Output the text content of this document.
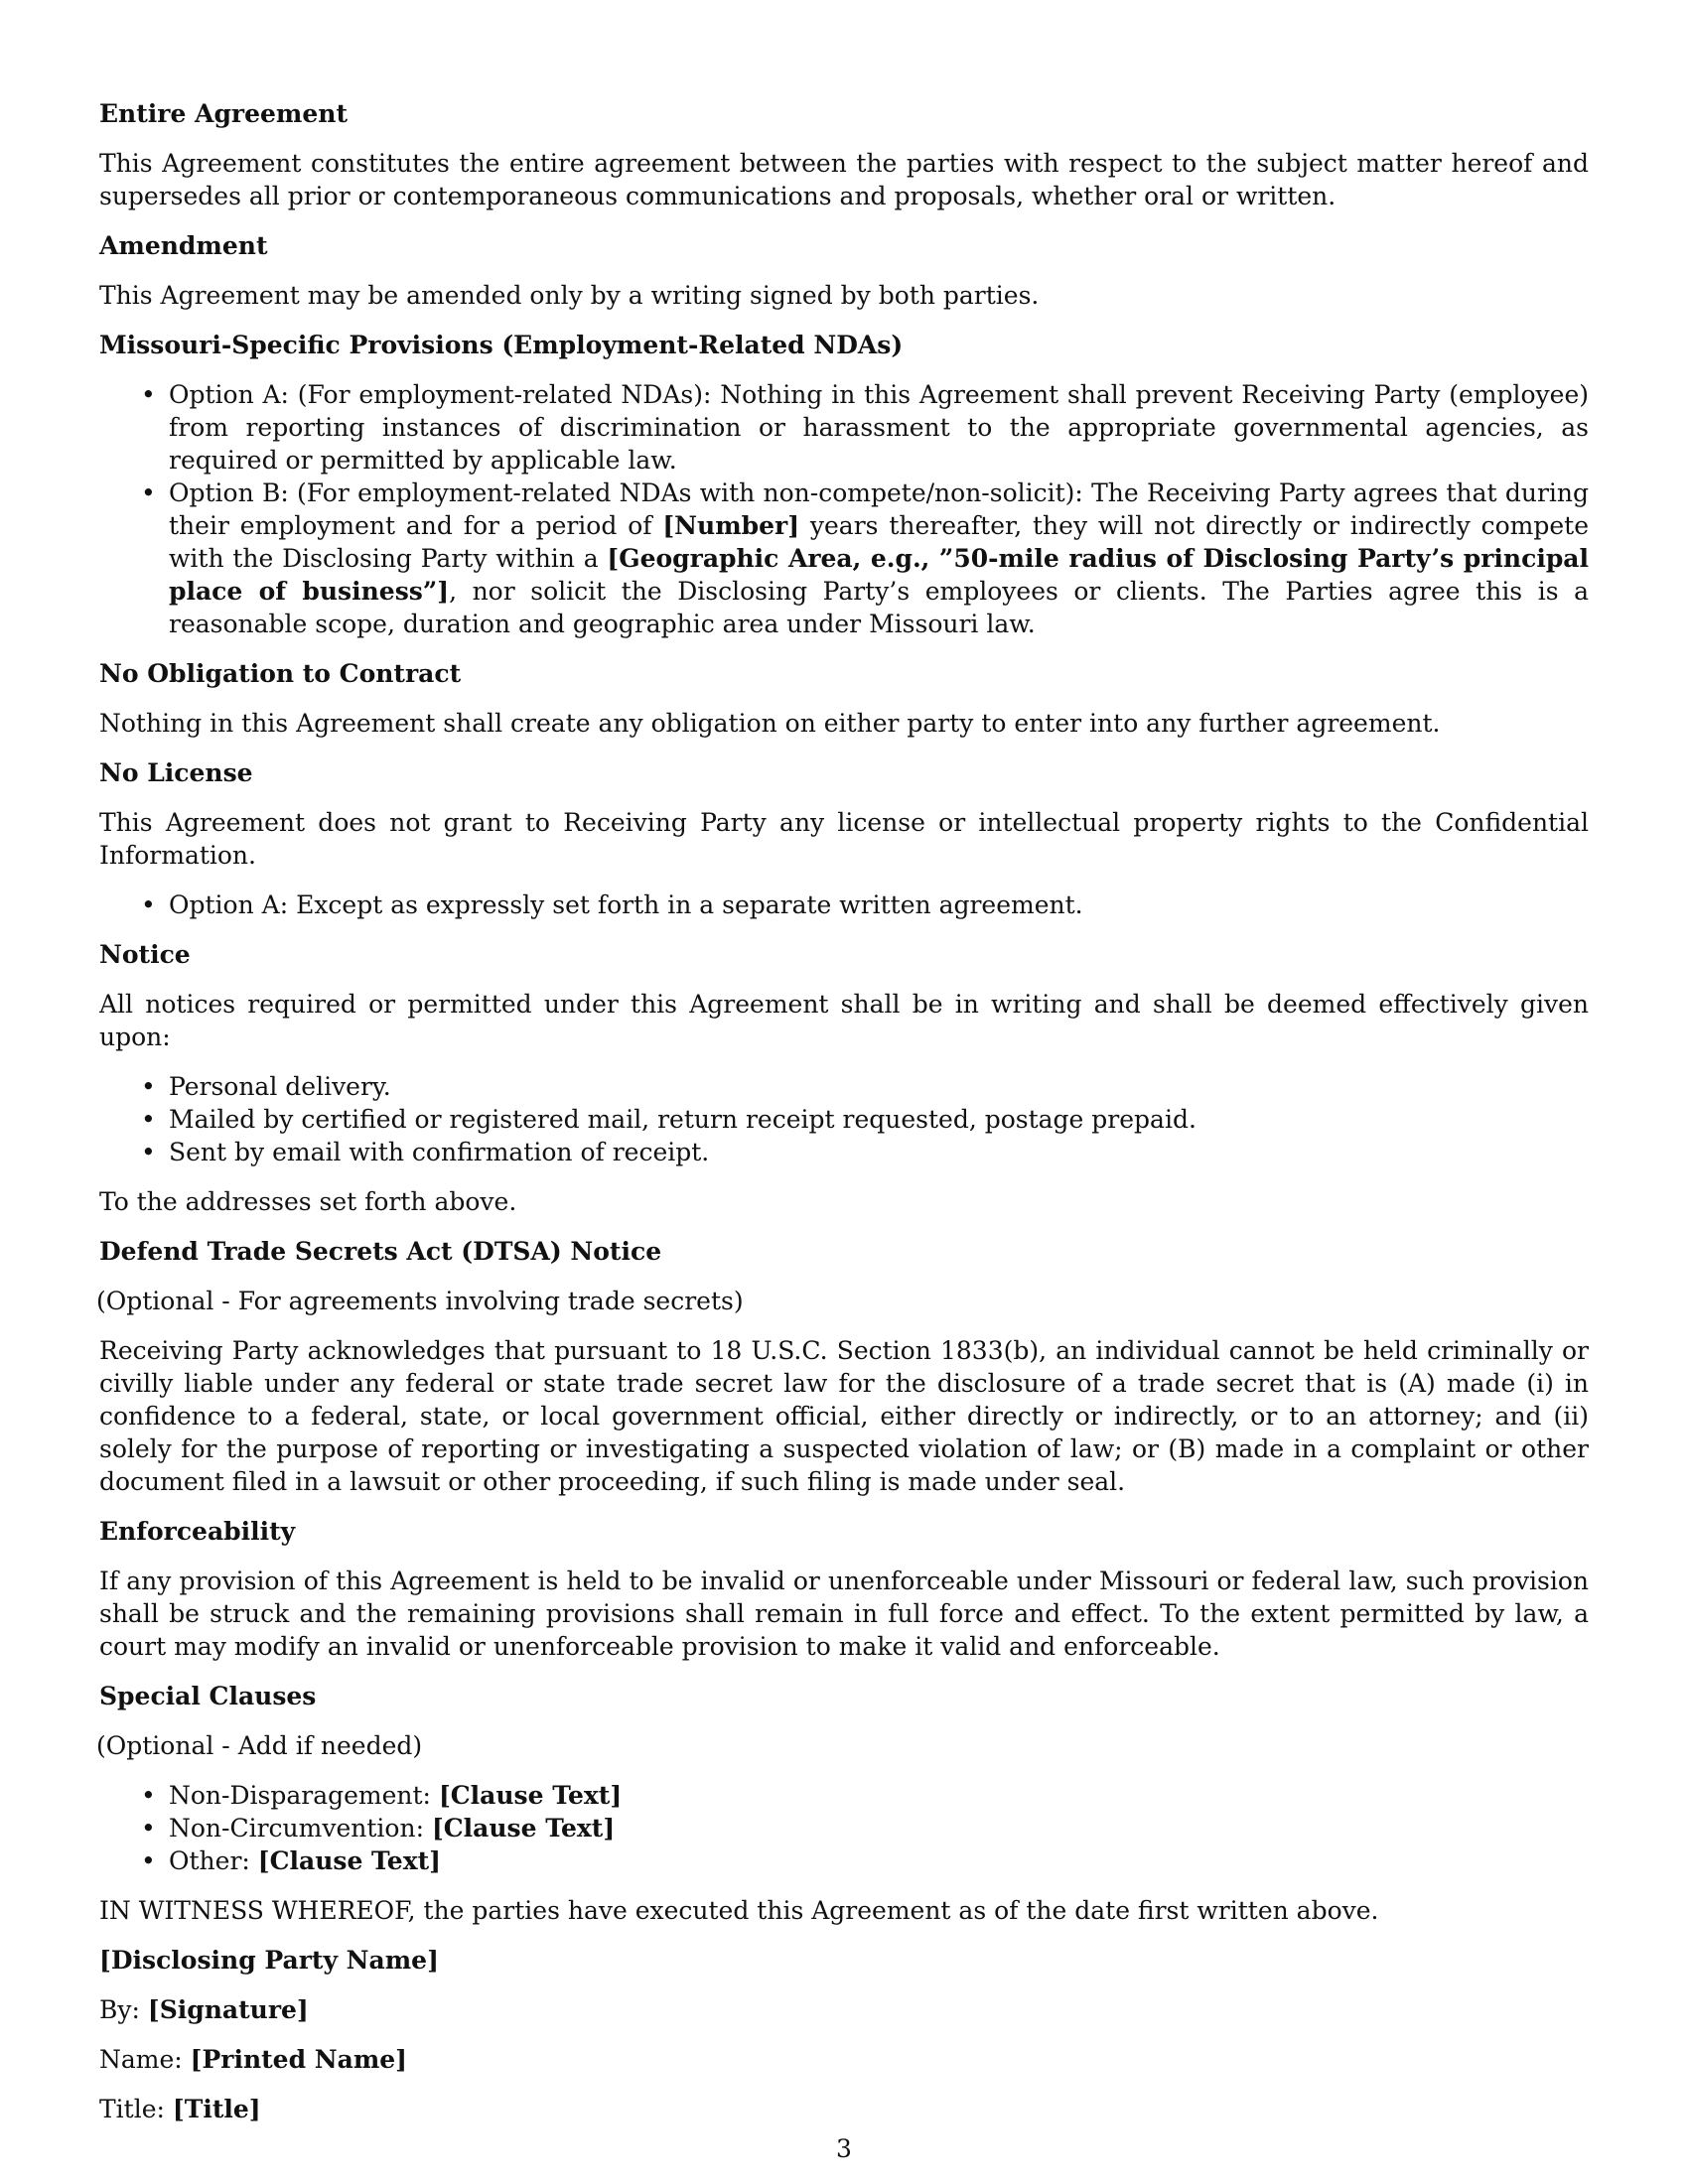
Entire Agreement

This Agreement constitutes the entire agreement between the parties with respect to the subject matter hereof and supersedes all prior or contemporaneous communications and proposals, whether oral or written.

Amendment

This Agreement may be amended only by a writing signed by both parties.

Missouri-Specific Provisions (Employment-Related NDAs)
• Option A: (For employment-related NDAs): Nothing in this Agreement shall prevent Receiving Party (employee) from reporting instances of discrimination or harassment to the appropriate governmental agencies, as required or permitted by applicable law.
• Option B: (For employment-related NDAs with non-compete/non-solicit): The Receiving Party agrees that during their employment and for a period of [Number] years thereafter, they will not directly or indirectly compete with the Disclosing Party within a [Geographic Area, e.g., ”50-mile radius of Disclosing Party’s principal place of business”], nor solicit the Disclosing Party’s employees or clients. The Parties agree this is a reasonable scope, duration and geographic area under Missouri law.
No Obligation to Contract

Nothing in this Agreement shall create any obligation on either party to enter into any further agreement.

No License

This Agreement does not grant to Receiving Party any license or intellectual property rights to the Confidential Information.

• Option A: Except as expressly set forth in a separate written agreement.
Notice

All notices required or permitted under this Agreement shall be in writing and shall be deemed effectively given upon:

• Personal delivery.
• Mailed by certified or registered mail, return receipt requested, postage prepaid.
• Sent by email with confirmation of receipt.

To the addresses set forth above.

Defend Trade Secrets Act (DTSA) Notice

(Optional - For agreements involving trade secrets)

Receiving Party acknowledges that pursuant to 18 U.S.C. Section 1833(b), an individual cannot be held criminally or civilly liable under any federal or state trade secret law for the disclosure of a trade secret that is (A) made (i) in confidence to a federal, state, or local government official, either directly or indirectly, or to an attorney; and (ii) solely for the purpose of reporting or investigating a suspected violation of law; or (B) made in a complaint or other document filed in a lawsuit or other proceeding, if such filing is made under seal.

Enforceability

If any provision of this Agreement is held to be invalid or unenforceable under Missouri or federal law, such provision shall be struck and the remaining provisions shall remain in full force and effect. To the extent permitted by law, a court may modify an invalid or unenforceable provision to make it valid and enforceable.

Special Clauses

(Optional - Add if needed)

• Non-Disparagement: [Clause Text]
• Non-Circumvention: [Clause Text]
• Other: [Clause Text]

IN WITNESS WHEREOF, the parties have executed this Agreement as of the date first written above.

[Disclosing Party Name]
By: [Signature]
Name: [Printed Name]
Title: [Title]
3
